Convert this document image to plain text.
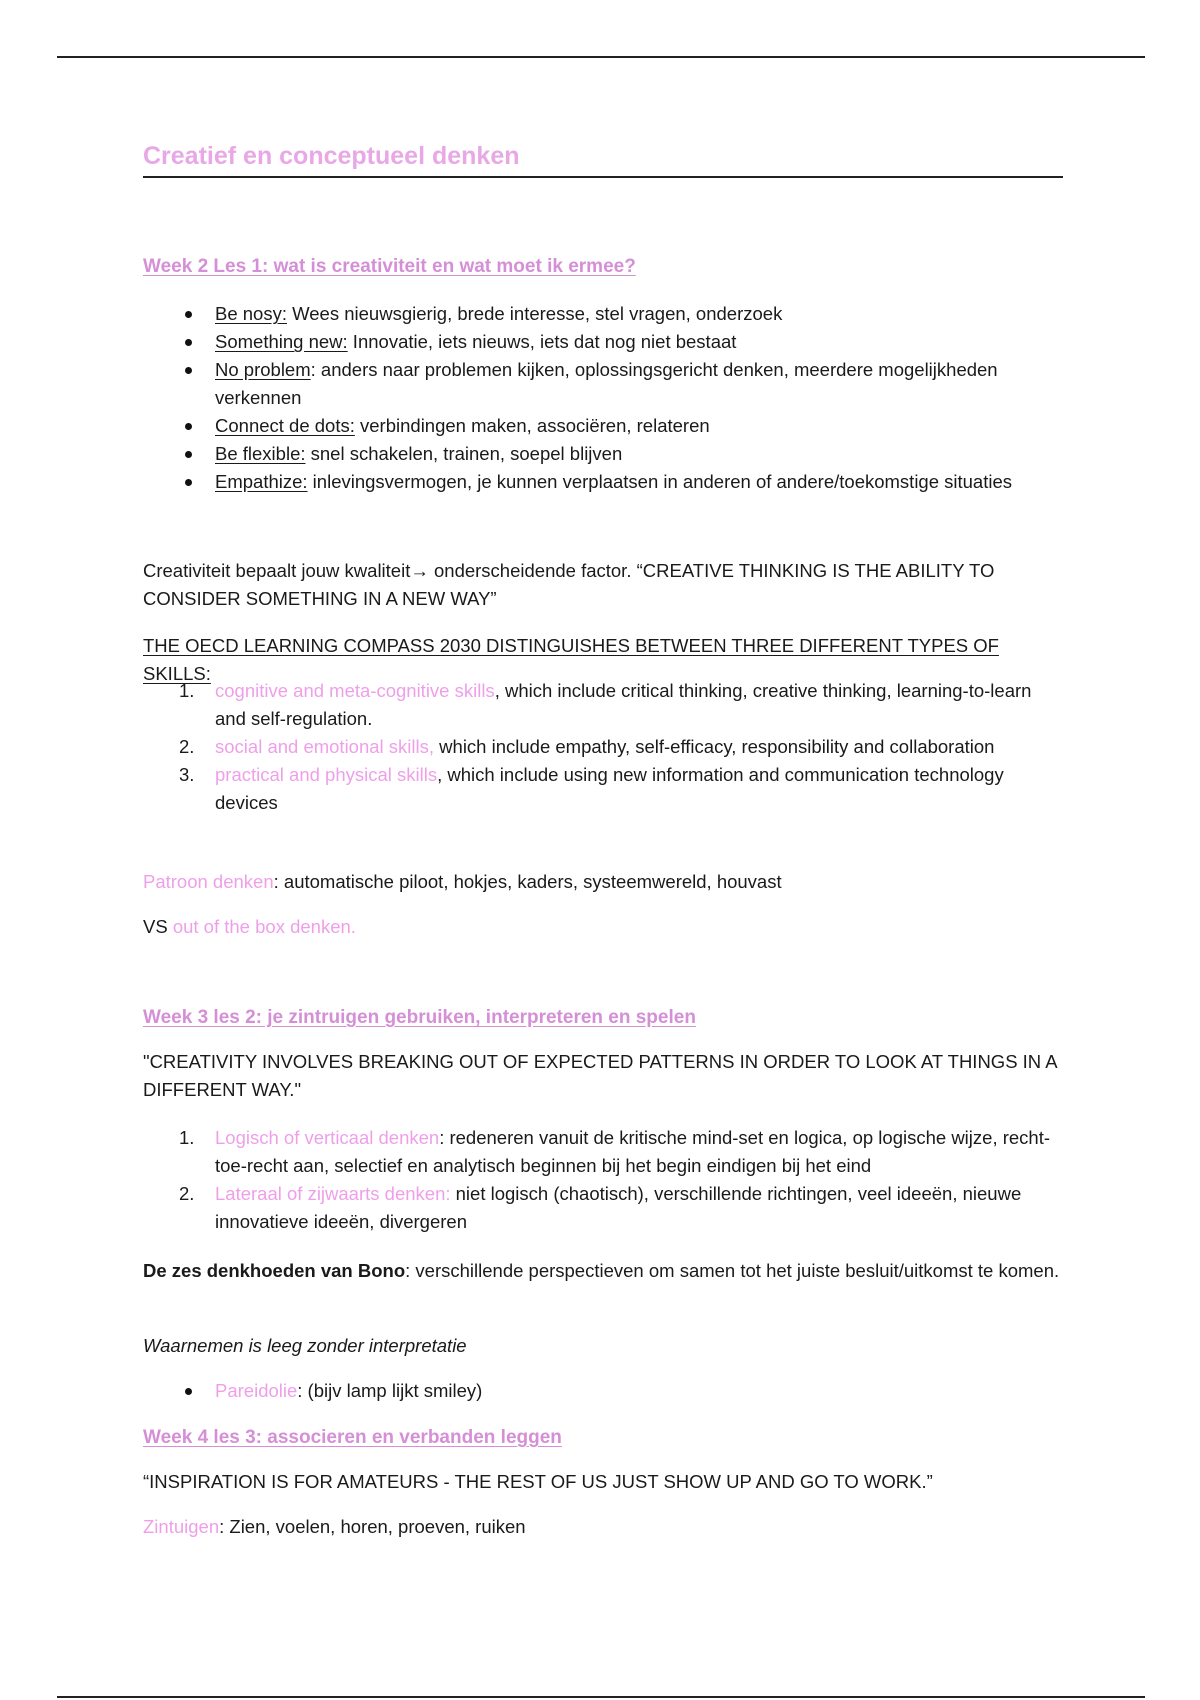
Creatief en conceptueel denken
Week 2 Les 1: wat is creativiteit en wat moet ik ermee?
Be nosy: Wees nieuwsgierig, brede interesse, stel vragen, onderzoek
Something new: Innovatie, iets nieuws, iets dat nog niet bestaat
No problem: anders naar problemen kijken, oplossingsgericht denken, meerdere mogelijkheden verkennen
Connect de dots: verbindingen maken, associëren, relateren
Be flexible: snel schakelen, trainen, soepel blijven
Empathize: inlevingsvermogen, je kunnen verplaatsen in anderen of andere/toekomstige situaties

Creativiteit bepaalt jouw kwaliteit→ onderscheidende factor. “CREATIVE THINKING IS THE ABILITY TO CONSIDER SOMETHING IN A NEW WAY”

THE OECD LEARNING COMPASS 2030 DISTINGUISHES BETWEEN THREE DIFFERENT TYPES OF SKILLS:

1. cognitive and meta-cognitive skills, which include critical thinking, creative thinking, learning-to-learn and self-regulation.
2. social and emotional skills, which include empathy, self-efficacy, responsibility and collaboration
3. practical and physical skills, which include using new information and communication technology devices

Patroon denken: automatische piloot, hokjes, kaders, systeemwereld, houvast

VS out of the box denken.

Week 3 les 2: je zintruigen gebruiken, interpreteren en spelen

"CREATIVITY INVOLVES BREAKING OUT OF EXPECTED PATTERNS IN ORDER TO LOOK AT THINGS IN A DIFFERENT WAY."

1. Logisch of verticaal denken: redeneren vanuit de kritische mind-set en logica, op logische wijze, recht-toe-recht aan, selectief en analytisch beginnen bij het begin eindigen bij het eind
2. Lateraal of zijwaarts denken: niet logisch (chaotisch), verschillende richtingen, veel ideeën, nieuwe innovatieve ideeën, divergeren

De zes denkhoeden van Bono: verschillende perspectieven om samen tot het juiste besluit/uitkomst te komen.

Waarnemen is leeg zonder interpretatie

Pareidolie: (bijv lamp lijkt smiley)
Week 4 les 3: associeren en verbanden leggen

“INSPIRATION IS FOR AMATEURS - THE REST OF US JUST SHOW UP AND GO TO WORK.”

Zintuigen: Zien, voelen, horen, proeven, ruiken
